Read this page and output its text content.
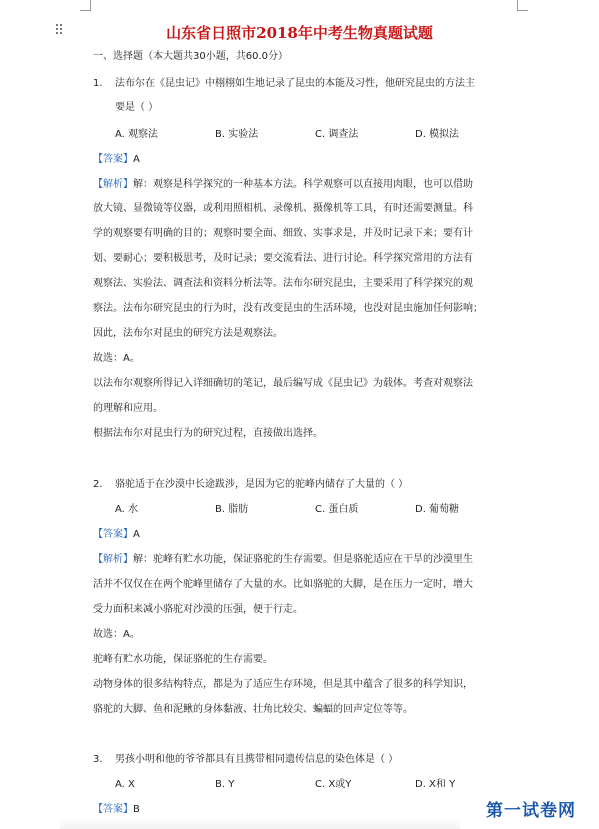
山东省日照市2018年中考生物真题试题
一、选择题（本大题共30小题，共60.0分）
1. 法布尔在《昆虫记》中栩栩如生地记录了昆虫的本能及习性，他研究昆虫的方法主
要是（ ）
A. 观察法	B. 实验法	C. 调查法	D. 模拟法
【答案】A
【解析】解：观察是科学探究的一种基本方法。科学观察可以直接用肉眼，也可以借助
放大镜、显微镜等仪器，或利用照相机、录像机、摄像机等工具，有时还需要测量。科
学的观察要有明确的目的；观察时要全面、细致、实事求是，并及时记录下来；要有计
划、要耐心；要积极思考，及时记录；要交流看法、进行讨论。科学探究常用的方法有
观察法、实验法、调查法和资料分析法等。法布尔研究昆虫，主要采用了科学探究的观
察法。法布尔研究昆虫的行为时，没有改变昆虫的生活环境，也没对昆虫施加任何影响；
因此，法布尔对昆虫的研究方法是观察法。
故选：A。
以法布尔观察所得记入详细确切的笔记，最后编写成《昆虫记》为载体。考查对观察法
的理解和应用。
根据法布尔对昆虫行为的研究过程，直接做出选择。
2. 骆驼适于在沙漠中长途跋涉，是因为它的驼峰内储存了大量的（ ）
A. 水	B. 脂肪	C. 蛋白质	D. 葡萄糖
【答案】A
【解析】解：驼峰有贮水功能，保证骆驼的生存需要。但是骆驼适应在干旱的沙漠里生
活并不仅仅在在两个驼峰里储存了大量的水。比如骆驼的大脚，是在压力一定时，增大
受力面积来减小骆驼对沙漠的压强，便于行走。
故选：A。
驼峰有贮水功能，保证骆驼的生存需要。
动物身体的很多结构特点，都是为了适应生存环境，但是其中蕴含了很多的科学知识，
骆驼的大脚、鱼和泥鳅的身体黏液、壮角比较尖、蝙蝠的回声定位等等。
3. 男孩小明和他的爷爷都具有且携带相同遗传信息的染色体是（ ）
A. X	B. Y	C. X或Y	D. X和 Y
【答案】B	第一试卷网
